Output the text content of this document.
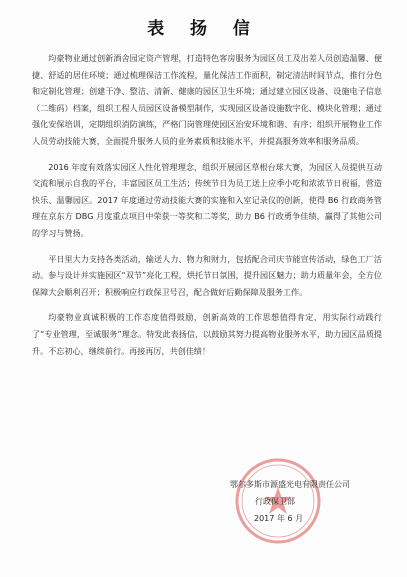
表 扬 信

均豪物业通过创新酒舍园定资产管理，打造特色客房服务为园区员工及出差人员创造温馨、便捷、舒适的居住环境；通过梳理保洁工作流程，量化保洁工作面积，制定清洁时间节点，推行分色和定制化管理；创建干净、整洁、清新、健康的园区卫生环境；通过建立园区设备、设施电子信息（二维码）档案，组织工程人员园区设备模型制作，实现园区设备设施数字化、模块化管理；通过强化安保培训，定期组织消防演练，严格门岗管理使园区治安环境和谐、有序；组织开展物业工作人员劳动技能大赛，全面提升服务人员的业务素质和技能水平，并提高服务效率和服务品质。

2016 年度有效落实园区人性化管理理念，组织开展园区草根台球大赛，为园区人员提供互动交流和展示自我的平台，丰富园区员工生活；传统节日为员工送上应季小吃和浓浓节日祝福，营造快乐、温馨园区。2017 年度通过劳动技能大赛的实施和入室记录仪的创新，使得 B6 行政商务管理在京东方 DBG 月度重点项目中荣获一等奖和二等奖，助力 B6 行政勇争佳绩，赢得了其他公司的学习与赞扬。

平日里大力支持各类活动，输送人力、物力和财力，包括配合司庆节能宣传活动，绿色工厂活动。参与设计并实施园区“双节”亮化工程，烘托节日氛围，提升园区魅力；助力质量年会，全方位保障大会顺利召开；积极响应行政保卫号召，配合做好后勤保障及服务工作。

均豪物业真诚积极的工作态度值得鼓励，创新高效的工作思想值得肯定，用实际行动践行了“专业管理，至诚服务”理念。特发此表扬信，以鼓励其努力提高物业服务水平，助力园区品质提升。不忘初心，继续前行。再接再厉，共创佳绩！

鄂尔多斯市源盛光电有限责任公司
行政保卫部
2017 年 6 月
